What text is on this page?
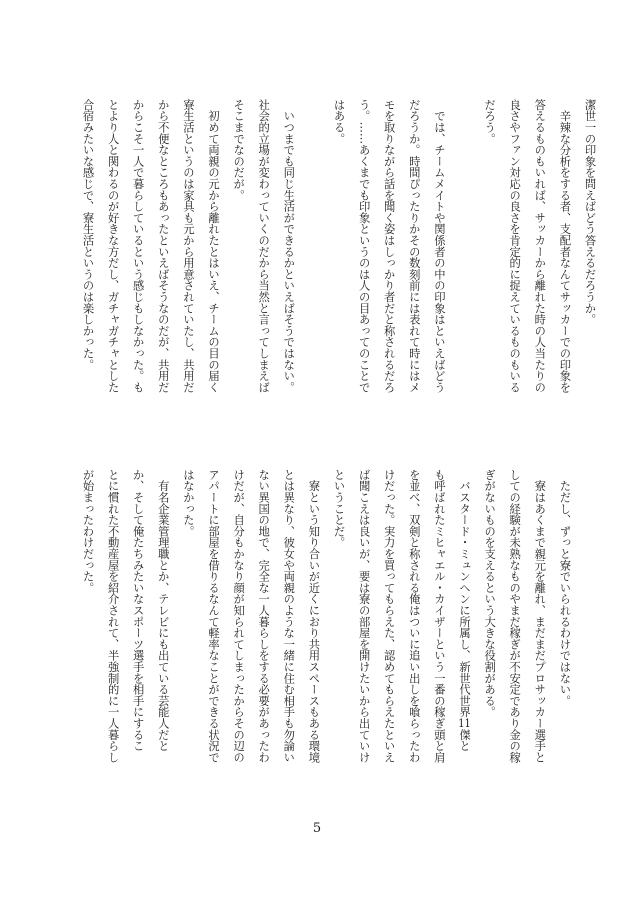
潔世一の印象を問えばどう答えるだろうか。
　辛辣な分析をする者、支配者なんてサッカーでの印象を
答えるものもいれば、サッカーから離れた時の人当たりの
良さやファン対応の良さを肯定的に捉えているものもいる
だろう。
　では、チームメイトや関係者の中の印象はといえばどう
だろうか。時間ぴったりかその数刻前には表れて時にはメ
モを取りながら話を聞く姿はしっかり者だと称されるだろ
う。……あくまでも印象というのは人の目あってのことで
はある。
　いつまでも同じ生活ができるかといえばそうではない。
社会的立場が変わっていくのだから当然と言ってしまえば
そこまでなのだが。
　初めて両親の元から離れたとはいえ、チームの目の届く
寮生活というのは家具も元から用意されていたし、共用だ
から不便なところもあったといえばそうなのだが、共用だ
からこそ一人で暮らしているという感じもしなかった。も
とより人と関わるのが好きな方だし、ガチャガチャとした
合宿みたいな感じで、寮生活というのは楽しかった。
　ただし、ずっと寮でいられるわけではない。
　寮はあくまで親元を離れ、まだまだプロサッカー選手と
しての経験が未熟なものやまだ稼ぎが不安定であり金の稼
ぎがないものを支えるという大きな役割がある。
　バスタード・ミュンヘンに所属し、新世代世界11傑と
も呼ばれたミヒャエル・カイザーという一番の稼ぎ頭と肩
を並べ、双剣と称される俺はついに追い出しを喰らったわ
けだった。実力を買ってもらえた、認めてもらえたといえ
ば聞こえは良いが、要は寮の部屋を開けたいから出ていけ
ということだ。
　寮という知り合いが近くにおり共用スペースもある環境
とは異なり、彼女や両親のような一緒に住む相手も勿論い
ない異国の地で、完全な一人暮らしをする必要があったわ
けだが、自分もかなり顔が知られてしまったからその辺の
アパートに部屋を借りるなんて軽率なことができる状況で
はなかった。
　有名企業管理職とか、テレビにも出ている芸能人だと
か、そして俺たちみたいなスポーツ選手を相手にするこ
とに慣れた不動産屋を紹介されて、半強制的に一人暮らし
が始まったわけだった。
5
